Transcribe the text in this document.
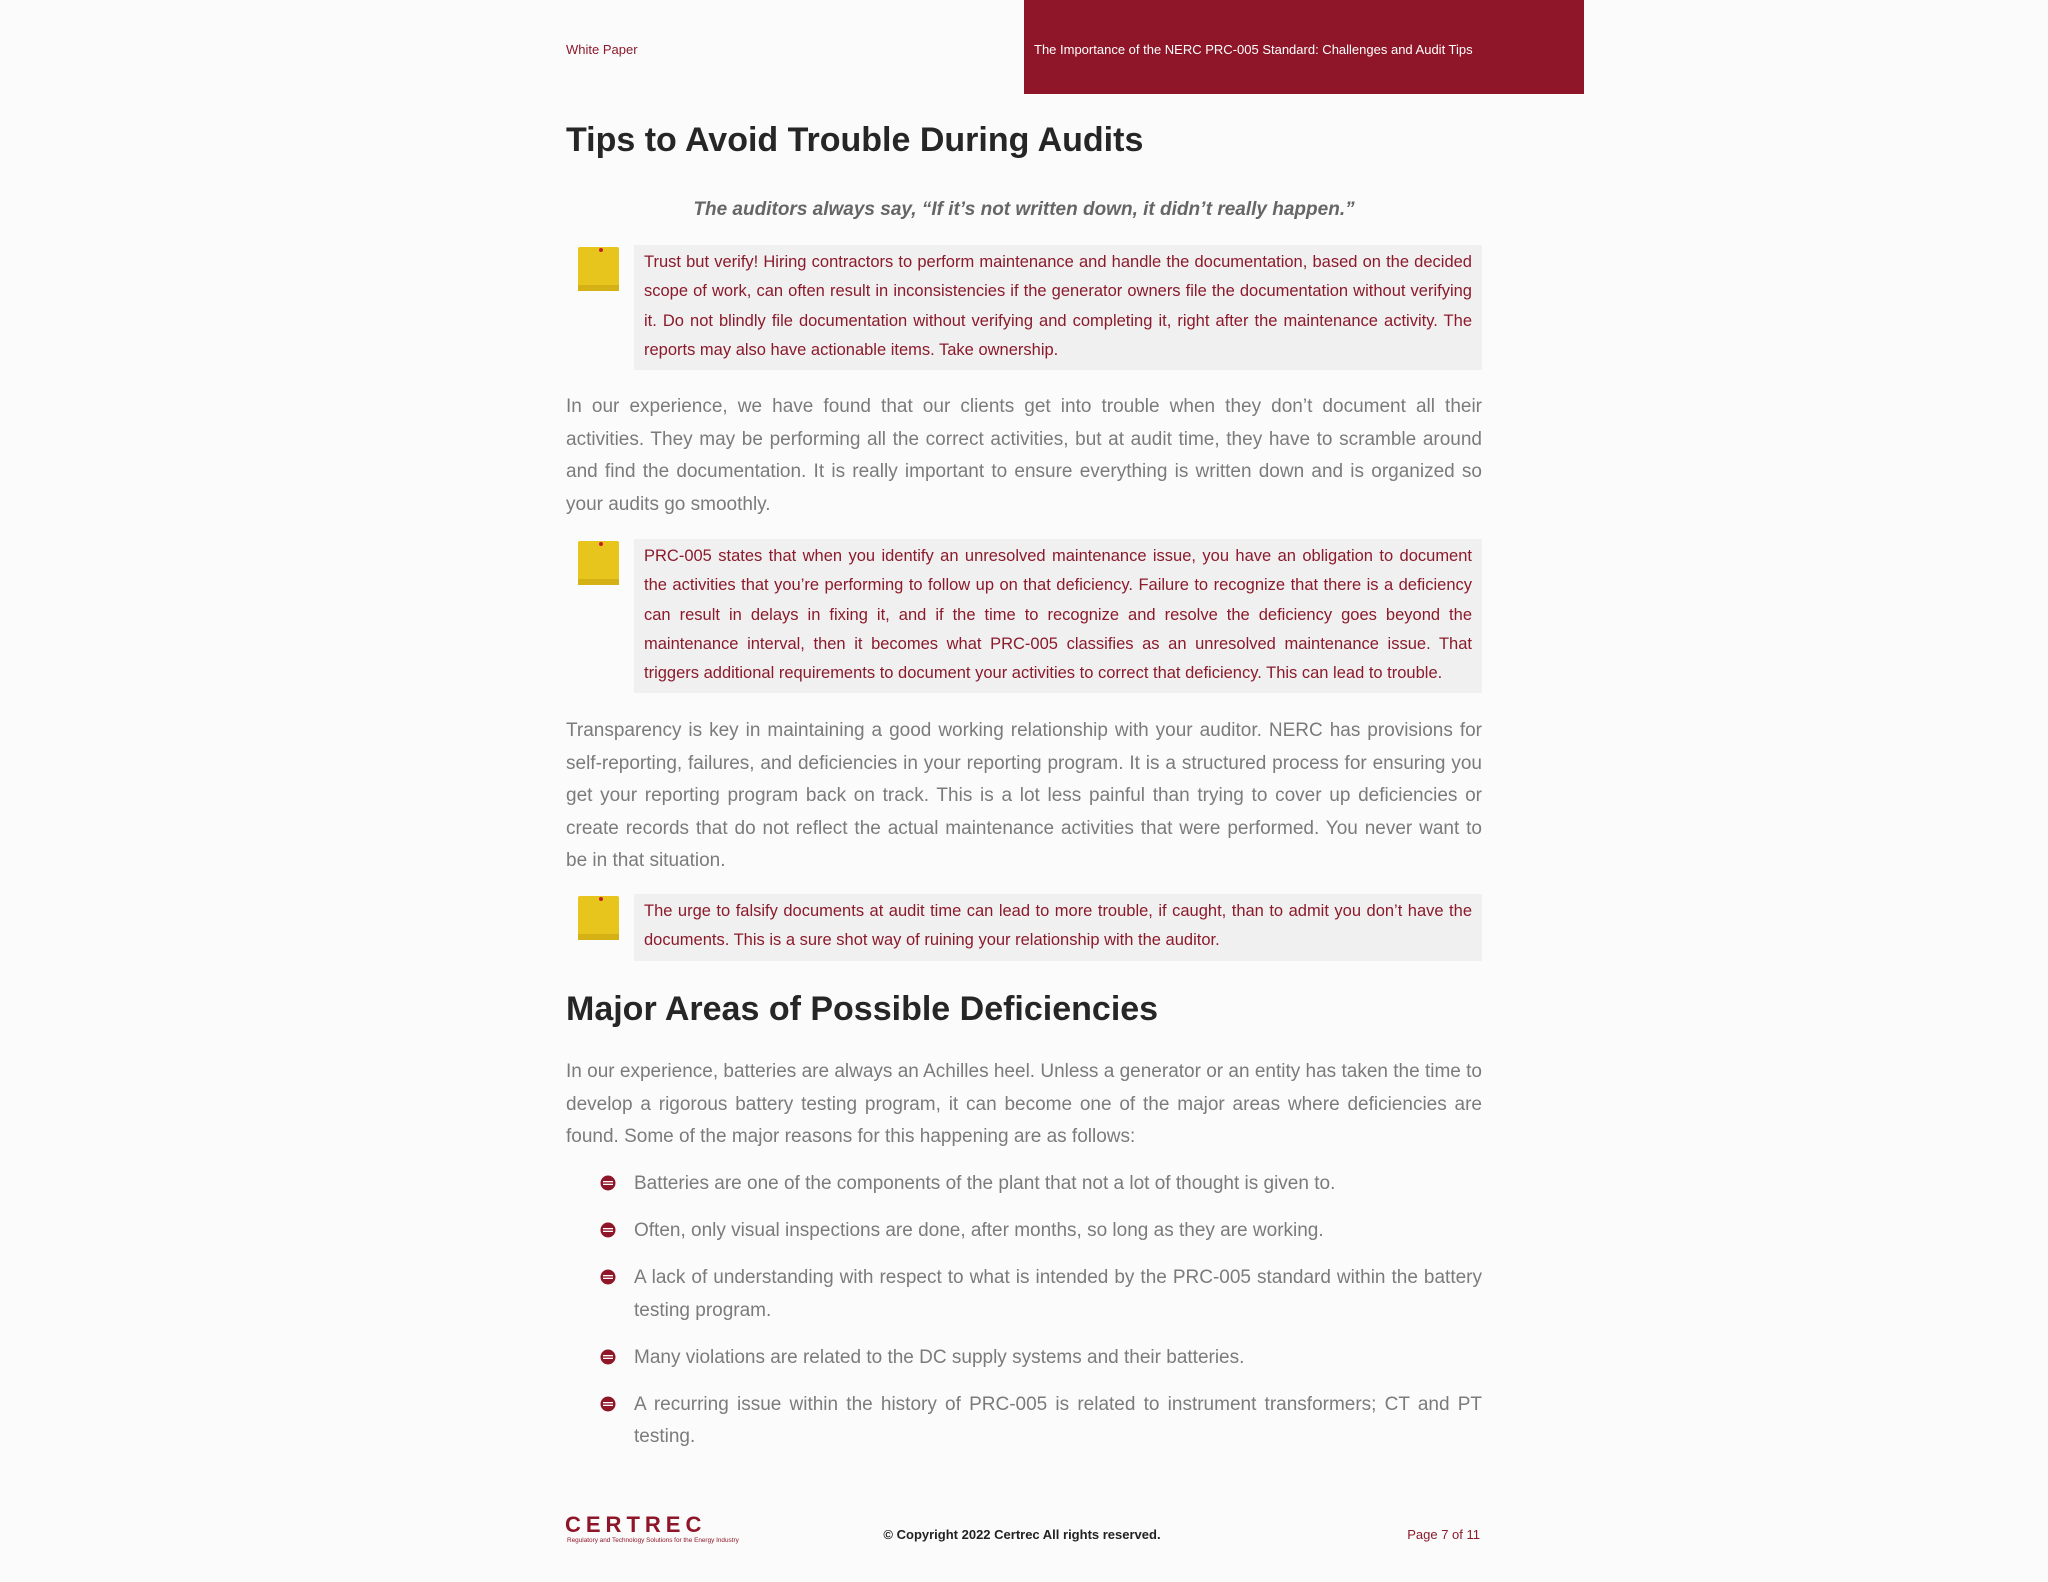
White Paper	The Importance of the NERC PRC-005 Standard: Challenges and Audit Tips
Tips to Avoid Trouble During Audits
The auditors always say, “If it’s not written down, it didn’t really happen.”
Trust but verify! Hiring contractors to perform maintenance and handle the documentation, based on the decided scope of work, can often result in inconsistencies if the generator owners file the documentation without verifying it. Do not blindly file documentation without verifying and completing it, right after the maintenance activity. The reports may also have actionable items. Take ownership.

In our experience, we have found that our clients get into trouble when they don’t document all their activities. They may be performing all the correct activities, but at audit time, they have to scramble around and find the documentation. It is really important to ensure everything is written down and is organized so your audits go smoothly.

PRC-005 states that when you identify an unresolved maintenance issue, you have an obligation to document the activities that you’re performing to follow up on that deficiency. Failure to recognize that there is a deficiency can result in delays in fixing it, and if the time to recognize and resolve the deficiency goes beyond the maintenance interval, then it becomes what PRC-005 classifies as an unresolved maintenance issue. That triggers additional requirements to document your activities to correct that deficiency. This can lead to trouble.

Transparency is key in maintaining a good working relationship with your auditor. NERC has provisions for self-reporting, failures, and deficiencies in your reporting program. It is a structured process for ensuring you get your reporting program back on track. This is a lot less painful than trying to cover up deficiencies or create records that do not reflect the actual maintenance activities that were performed. You never want to be in that situation.

The urge to falsify documents at audit time can lead to more trouble, if caught, than to admit you don’t have the documents. This is a sure shot way of ruining your relationship with the auditor.
Major Areas of Possible Deficiencies

In our experience, batteries are always an Achilles heel. Unless a generator or an entity has taken the time to develop a rigorous battery testing program, it can become one of the major areas where deficiencies are found. Some of the major reasons for this happening are as follows:

Batteries are one of the components of the plant that not a lot of thought is given to.
Often, only visual inspections are done, after months, so long as they are working.
A lack of understanding with respect to what is intended by the PRC-005 standard within the battery testing program.
Many violations are related to the DC supply systems and their batteries.
A recurring issue within the history of PRC-005 is related to instrument transformers; CT and PT testing.
CERTREC
Regulatory and Technology Solutions for the Energy Industry	© Copyright 2022 Certrec All rights reserved.	Page 7 of 11
